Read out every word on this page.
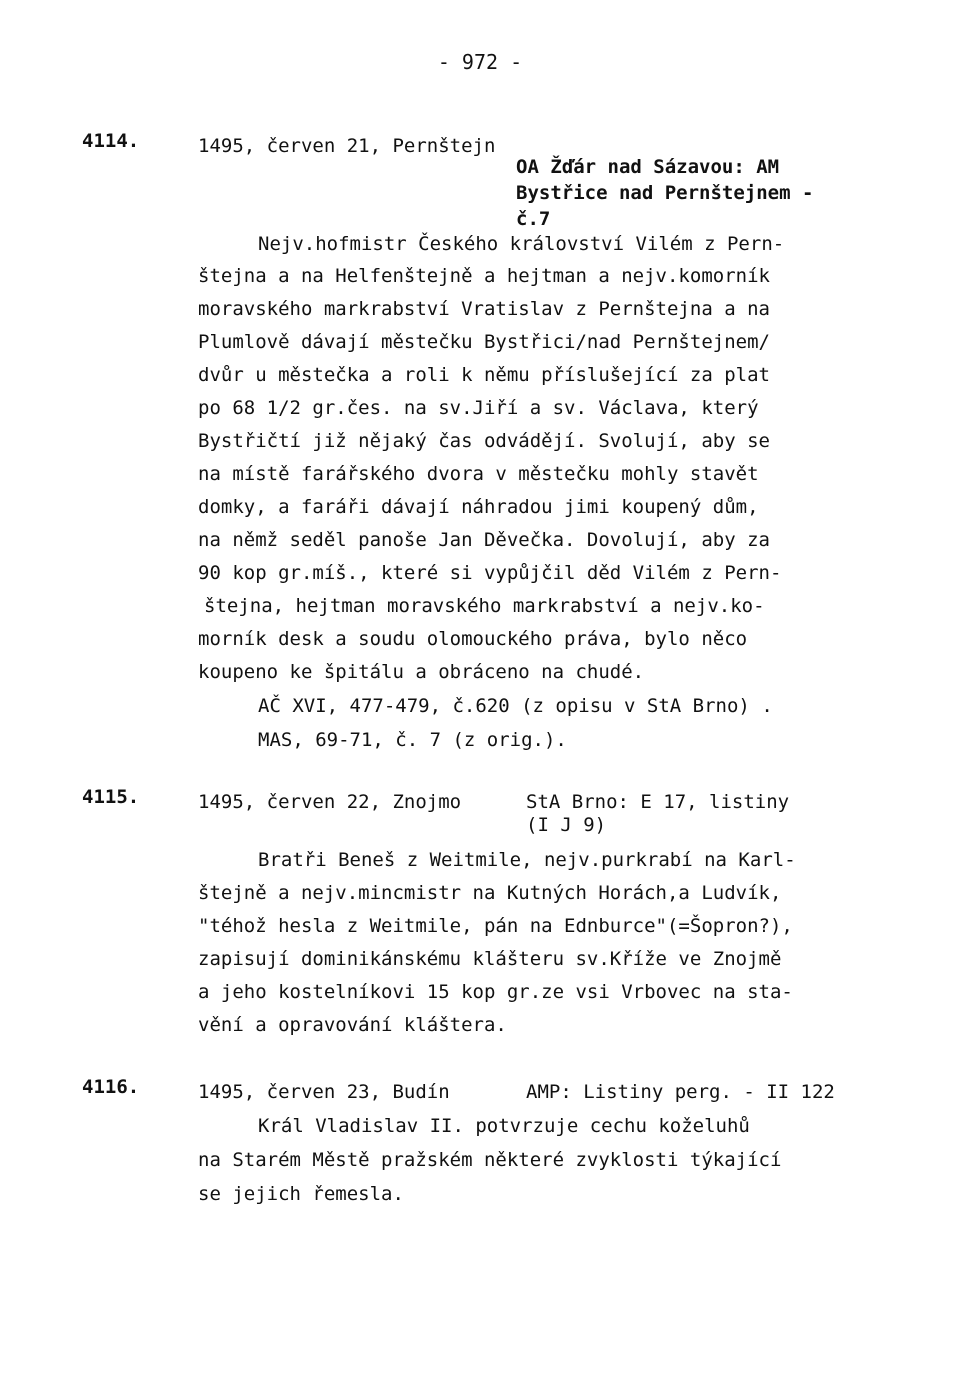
- 972 -
4114.	1495, červen 21, Pernštejn
OA Žďár nad Sázavou: AM
Bystřice nad Pernštejnem -
č.7
Nejv.hofmistr Českého království Vilém z Pern-
štejna a na Helfenštejně a hejtman a nejv.komorník
moravského markrabství Vratislav z Pernštejna a na
Plumlově dávají městečku Bystřici/nad Pernštejnem/
dvůr u městečka a roli k němu příslušející za plat
po 68 1/2 gr.čes. na sv.Jiří a sv. Václava, který
Bystřičtí již nějaký čas odvádějí. Svolují, aby se
na místě farářského dvora v městečku mohly stavět
domky, a faráři dávají náhradou jimi koupený dům,
na němž seděl panoše Jan Děvečka. Dovolují, aby za
90 kop gr.míš., které si vypůjčil děd Vilém z Pern-
štejna, hejtman moravského markrabství a nejv.ko-
morník desk a soudu olomouckého práva, bylo něco
koupeno ke špitálu a obráceno na chudé.
AČ XVI, 477-479, č.620 (z opisu v StA Brno) .
MAS, 69-71, č. 7 (z orig.).
4115.	1495, červen 22, Znojmo	StA Brno: E 17, listiny
(I J 9)
Bratři Beneš z Weitmile, nejv.purkrabí na Karl-
štejně a nejv.mincmistr na Kutných Horách,a Ludvík,
"téhož hesla z Weitmile, pán na Ednburce"(=Šopron?),
zapisují dominikánskému klášteru sv.Kříže ve Znojmě
a jeho kostelníkovi 15 kop gr.ze vsi Vrbovec na sta-
vění a opravování kláštera.
4116.	1495, červen 23, Budín	AMP: Listiny perg. - II 122
Král Vladislav II. potvrzuje cechu koželuhů
na Starém Městě pražském některé zvyklosti týkající
se jejich řemesla.
